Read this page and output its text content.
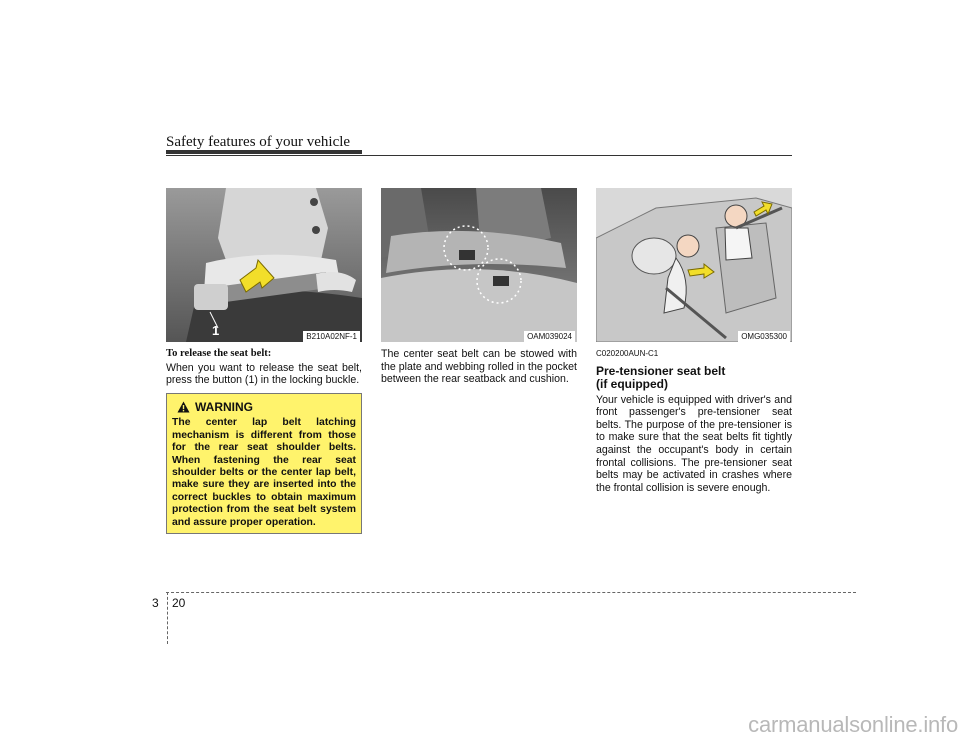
Safety features of your vehicle
1	B210A02NF-1	OAM039024	OMG035300
To release the seat belt:
When you want to release the seat belt, press the button (1) in the locking buckle.
WARNING
The center lap belt latching mechanism is different from those for the rear seat shoulder belts. When fastening the rear seat shoulder belts or the center lap belt, make sure they are inserted into the correct buckles to obtain maximum protection from the seat belt system and assure proper operation.
The center seat belt can be stowed with the plate and webbing rolled in the pocket between the rear seatback and cushion.
C020200AUN-C1
Pre-tensioner seat belt
(if equipped)
Your vehicle is equipped with driver's and front passenger's pre-tensioner seat belts. The purpose of the pre-tensioner is to make sure that the seat belts fit tightly against the occupant's body in certain frontal collisions. The pre-tensioner seat belts may be activated in crashes where the frontal collision is severe enough.
3 20
carmanualsonline.info
